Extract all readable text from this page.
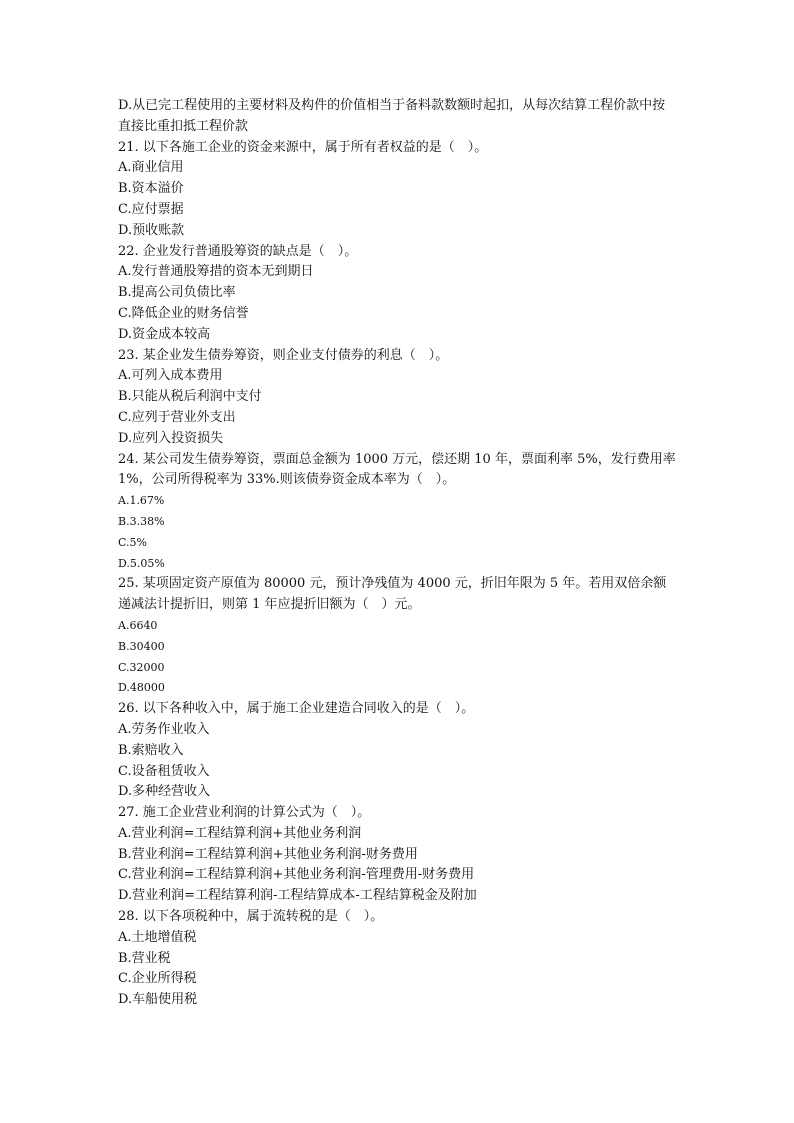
D.从已完工程使用的主要材料及构件的价值相当于备料款数额时起扣，从每次结算工程价款中按直接比重扣抵工程价款
21. 以下各施工企业的资金来源中，属于所有者权益的是（　）。
A.商业信用
B.资本溢价
C.应付票据
D.预收账款
22. 企业发行普通股筹资的缺点是（　）。
A.发行普通股筹措的资本无到期日
B.提高公司负债比率
C.降低企业的财务信誉
D.资金成本较高
23. 某企业发生债券筹资，则企业支付债券的利息（　）。
A.可列入成本费用
B.只能从税后利润中支付
C.应列于营业外支出
D.应列入投资损失
24. 某公司发生债券筹资，票面总金额为 1000 万元，偿还期 10 年，票面利率 5%，发行费用率 1%，公司所得税率为 33%.则该债券资金成本率为（　）。
A.1.67%
B.3.38%
C.5%
D.5.05%
25. 某项固定资产原值为 80000 元，预计净残值为 4000 元，折旧年限为 5 年。若用双倍余额递减法计提折旧，则第 1 年应提折旧额为（　）元。
A.6640
B.30400
C.32000
D.48000
26. 以下各种收入中，属于施工企业建造合同收入的是（　）。
A.劳务作业收入
B.索赔收入
C.设备租赁收入
D.多种经营收入
27. 施工企业营业利润的计算公式为（　）。
A.营业利润=工程结算利润+其他业务利润
B.营业利润=工程结算利润+其他业务利润-财务费用
C.营业利润=工程结算利润+其他业务利润-管理费用-财务费用
D.营业利润=工程结算利润-工程结算成本-工程结算税金及附加
28. 以下各项税种中，属于流转税的是（　）。
A.土地增值税
B.营业税
C.企业所得税
D.车船使用税
